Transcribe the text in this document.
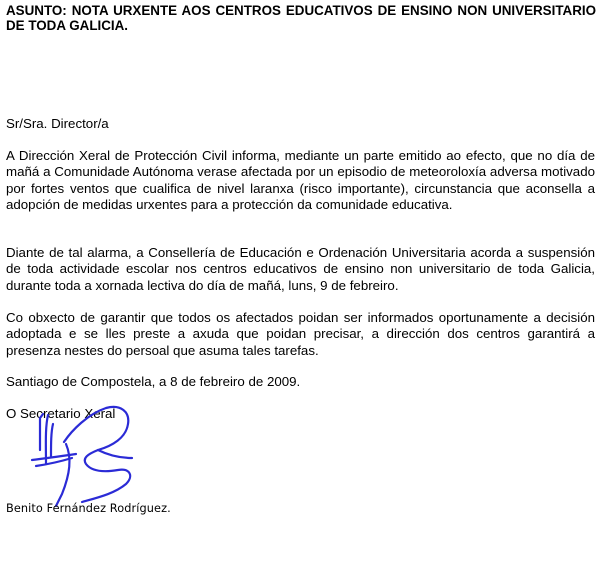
ASUNTO: NOTA URXENTE AOS CENTROS EDUCATIVOS DE ENSINO NON UNIVERSITARIO DE TODA GALICIA.

Sr/Sra. Director/a

A Dirección Xeral de Protección Civil informa, mediante un parte emitido ao efecto, que no día de mañá a Comunidade Autónoma verase afectada por un episodio de meteoroloxía adversa motivado por fortes ventos que cualifica de nivel laranxa (risco importante), circunstancia que aconsella a adopción de medidas urxentes para a protección da comunidade educativa.

Diante de tal alarma, a Consellería de Educación e Ordenación Universitaria acorda a suspensión de toda actividade escolar nos centros educativos de ensino non universitario de toda Galicia, durante toda a xornada lectiva do día de mañá, luns, 9 de febreiro.

Co obxecto de garantir que todos os afectados poidan ser informados oportunamente a decisión adoptada e se lles preste a axuda que poidan precisar, a dirección dos centros garantirá a presenza nestes do persoal que asuma tales tarefas.

Santiago de Compostela, a 8 de febreiro de 2009.

O Secretario Xeral

Benito Fernández Rodríguez.
